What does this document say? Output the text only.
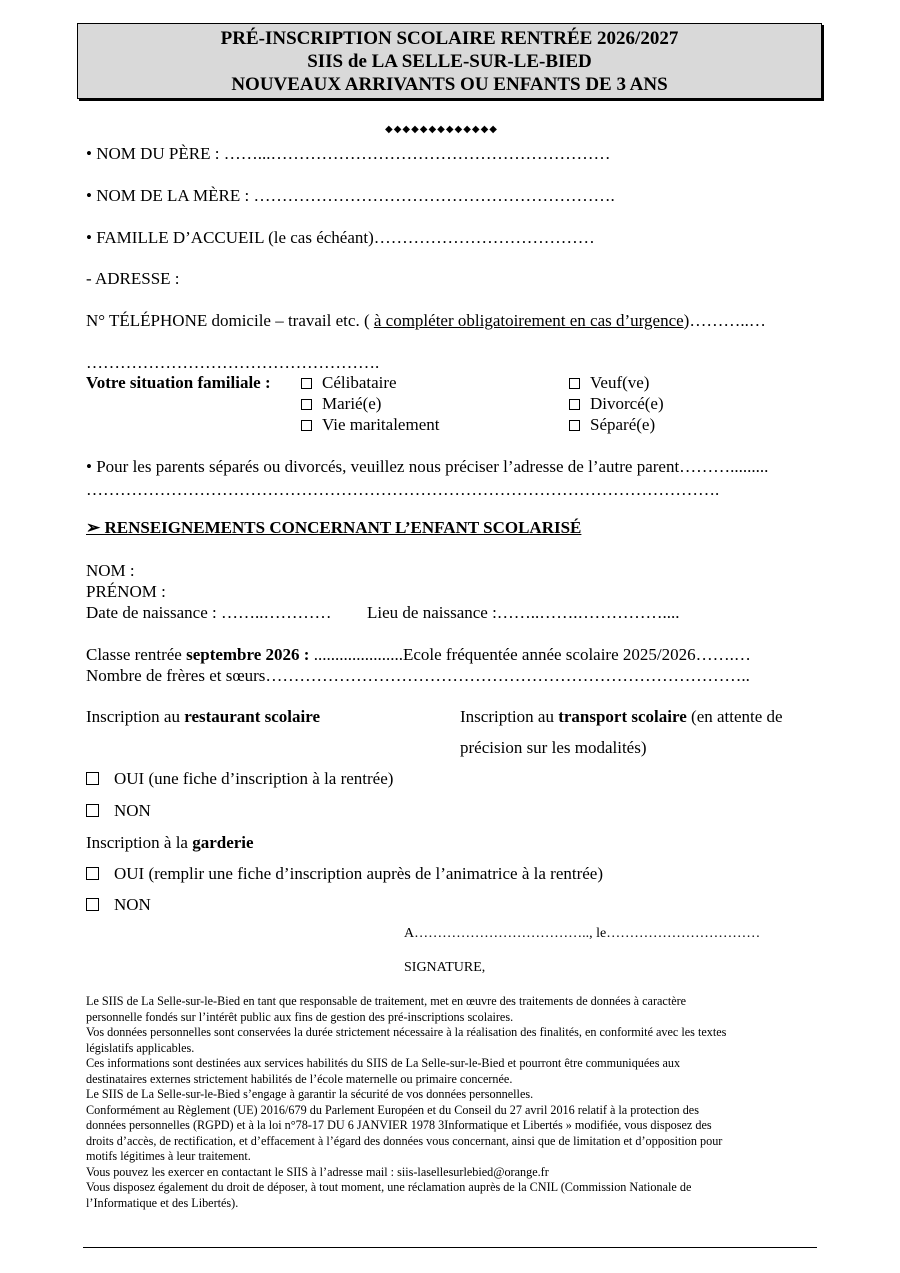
PRÉ-INSCRIPTION SCOLAIRE RENTRÉE 2026/2027
SIIS de LA SELLE-SUR-LE-BIED
NOUVEAUX ARRIVANTS OU ENFANTS DE 3 ANS
◆◆◆◆◆◆◆◆◆◆◆◆◆
• NOM DU PÈRE : ……...……………………………………………………
• NOM DE LA MÈRE : ……………………………………………………….
• FAMILLE D’ACCUEIL (le cas échéant)…………………………………
- ADRESSE :
N° TÉLÉPHONE domicile – travail etc. ( à compléter obligatoirement en cas d’urgence)………..…
…………………………………………….
Votre situation familiale :	Célibataire
Marié(e)
Vie maritalement
Veuf(ve)
Divorcé(e)
Séparé(e)
• Pour les parents séparés ou divorcés, veuillez nous préciser l’adresse de l’autre parent……….........
………………………………………………………………………………………………….
➢ RENSEIGNEMENTS CONCERNANT L’ENFANT SCOLARISÉ
NOM :
PRÉNOM :
Date de naissance : ……..………… Lieu de naissance :……..…….……………....
Classe rentrée septembre 2026 : .....................Ecole fréquentée année scolaire 2025/2026…….…
Nombre de frères et sœurs…………………………………………………………………………..
Inscription au restaurant scolaire	Inscription au transport scolaire (en attente de
précision sur les modalités)
OUI (une fiche d’inscription à la rentrée)
NON
Inscription à la garderie
OUI (remplir une fiche d’inscription auprès de l’animatrice à la rentrée)
NON
A……………………………….., le……………………………
SIGNATURE,
Le SIIS de La Selle-sur-le-Bied en tant que responsable de traitement, met en œuvre des traitements de données à caractère
personnelle fondés sur l’intérêt public aux fins de gestion des pré-inscriptions scolaires.
Vos données personnelles sont conservées la durée strictement nécessaire à la réalisation des finalités, en conformité avec les textes
législatifs applicables.
Ces informations sont destinées aux services habilités du SIIS de La Selle-sur-le-Bied et pourront être communiquées aux
destinataires externes strictement habilités de l’école maternelle ou primaire concernée.
Le SIIS de La Selle-sur-le-Bied s’engage à garantir la sécurité de vos données personnelles.
Conformément au Règlement (UE) 2016/679 du Parlement Européen et du Conseil du 27 avril 2016 relatif à la protection des
données personnelles (RGPD) et à la loi n°78-17 DU 6 JANVIER 1978 3Informatique et Libertés » modifiée, vous disposez des
droits d’accès, de rectification, et d’effacement à l’égard des données vous concernant, ainsi que de limitation et d’opposition pour
motifs légitimes à leur traitement.
Vous pouvez les exercer en contactant le SIIS à l’adresse mail : siis-lasellesurlebied@orange.fr
Vous disposez également du droit de déposer, à tout moment, une réclamation auprès de la CNIL (Commission Nationale de
l’Informatique et des Libertés).
